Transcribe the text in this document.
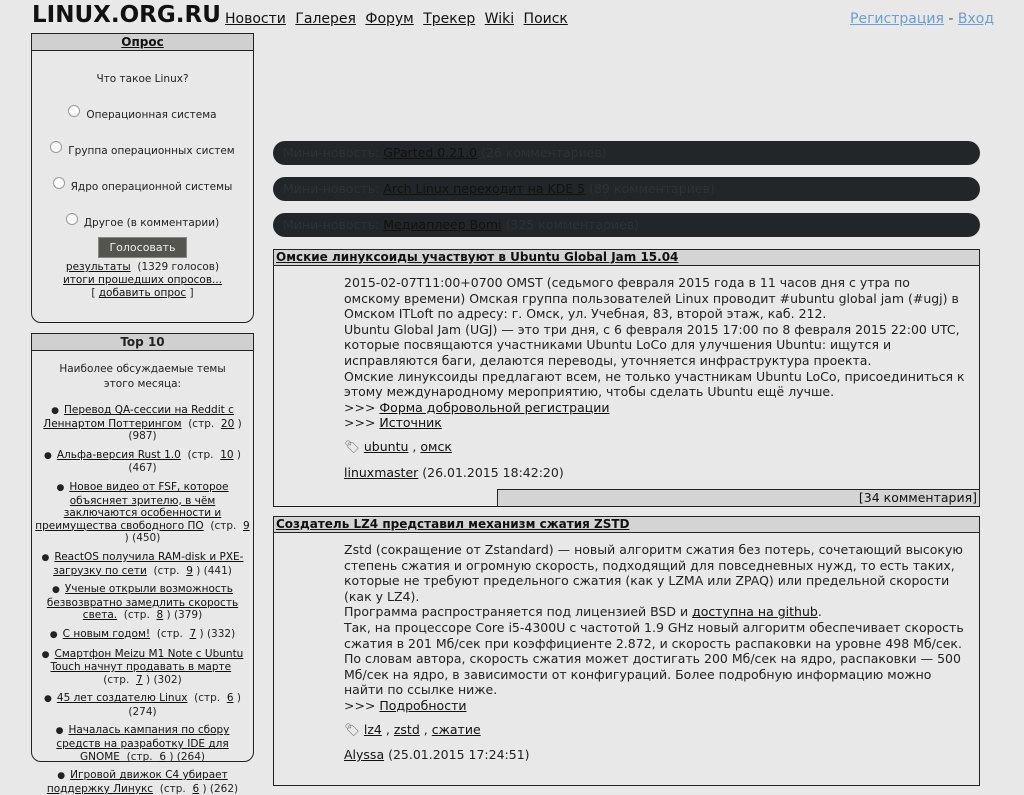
LINUX.ORG.RU Новости Галерея Форум Трекер Wiki Поиск	Регистрация - Вход
Опрос
Что такое Linux?
Операционная система
Группа операционных систем
Ядро операционной системы
Другое (в комментарии)
Голосовать
результаты (1329 голосов)
итоги прошедших опросов...
[ добавить опрос ]
Top 10
Наиболее обсуждаемые темы этого месяца:
● Перевод QA-сессии на Reddit с Леннартом Поттерингом (стр. 20 ) (987)
● Альфа-версия Rust 1.0 (стр. 10 ) (467)
● Новое видео от FSF, которое объясняет зрителю, в чём заключаются особенности и преимущества свободного ПО (стр. 9 ) (450)
● ReactOS получила RAM-disk и PXE-загрузку по сети (стр. 9 ) (441)
● Ученые открыли возможность безвозвратно замедлить скорость света. (стр. 8 ) (379)
● С новым годом! (стр. 7 ) (332)
● Смартфон Meizu M1 Note с Ubuntu Touch начнут продавать в марте  (стр. 7 ) (302)
● 45 лет создателю Linux (стр. 6 ) (274)
● Началась кампания по сбору средств на разработку IDE для GNOME (стр. 6 ) (264)
● Игровой движок C4 убирает поддержку Линукс (стр. 6 ) (262)
Мини-новость: GParted 0.21.0 (26 комментариев)
Мини-новость: Arch Linux переходит на KDE 5 (89 комментариев)
Мини-новость: Медиаплеер Bomi (325 комментариев)
Омские линуксоиды участвуют в Ubuntu Global Jam 15.04
2015-02-07T11:00+0700 OMST (седьмого февраля 2015 года в 11 часов дня с утра по омскому времени) Омская группа пользователей Linux проводит #ubuntu global jam (#ugj) в Омском ITLoft по адресу: г. Омск, ул. Учебная, 83, второй этаж, каб. 212.
Ubuntu Global Jam (UGJ) — это три дня, с 6 февраля 2015 17:00 по 8 февраля 2015 22:00 UTC, которые посвящаются участниками Ubuntu LoCo для улучшения Ubuntu: ищутся и исправляются баги, делаются переводы, уточняется инфраструктура проекта.
Омские линуксоиды предлагают всем, не только участникам Ubuntu LoCo, присоединиться к этому международному мероприятию, чтобы сделать Ubuntu ещё лучше.
>>> Форма добровольной регистрации
>>> Источник
🏷︎ ubuntu , омск
linuxmaster (26.01.2015 18:42:20)
[34 комментария]
Создатель LZ4 представил механизм сжатия ZSTD
Zstd (сокращение от Zstandard) — новый алгоритм сжатия без потерь, сочетающий высокую степень сжатия и огромную скорость, подходящий для повседневных нужд, то есть таких, которые не требуют предельного сжатия (как у LZMA или ZPAQ) или предельной скорости (как у LZ4).
Программа распространяется под лицензией BSD и доступна на github.
Так, на процессоре Core i5-4300U с частотой 1.9 GHz новый алгоритм обеспечивает скорость сжатия в 201 Мб/сек при коэффициенте 2.872, и скорость распаковки на уровне 498 Мб/сек.
По словам автора, скорость сжатия может достигать 200 Мб/сек на ядро, распаковки — 500 Мб/сек на ядро, в зависимости от конфигураций. Более подробную информацию можно найти по ссылке ниже.
>>> Подробности
🏷︎ lz4 , zstd , сжатие
Alyssa (25.01.2015 17:24:51)
